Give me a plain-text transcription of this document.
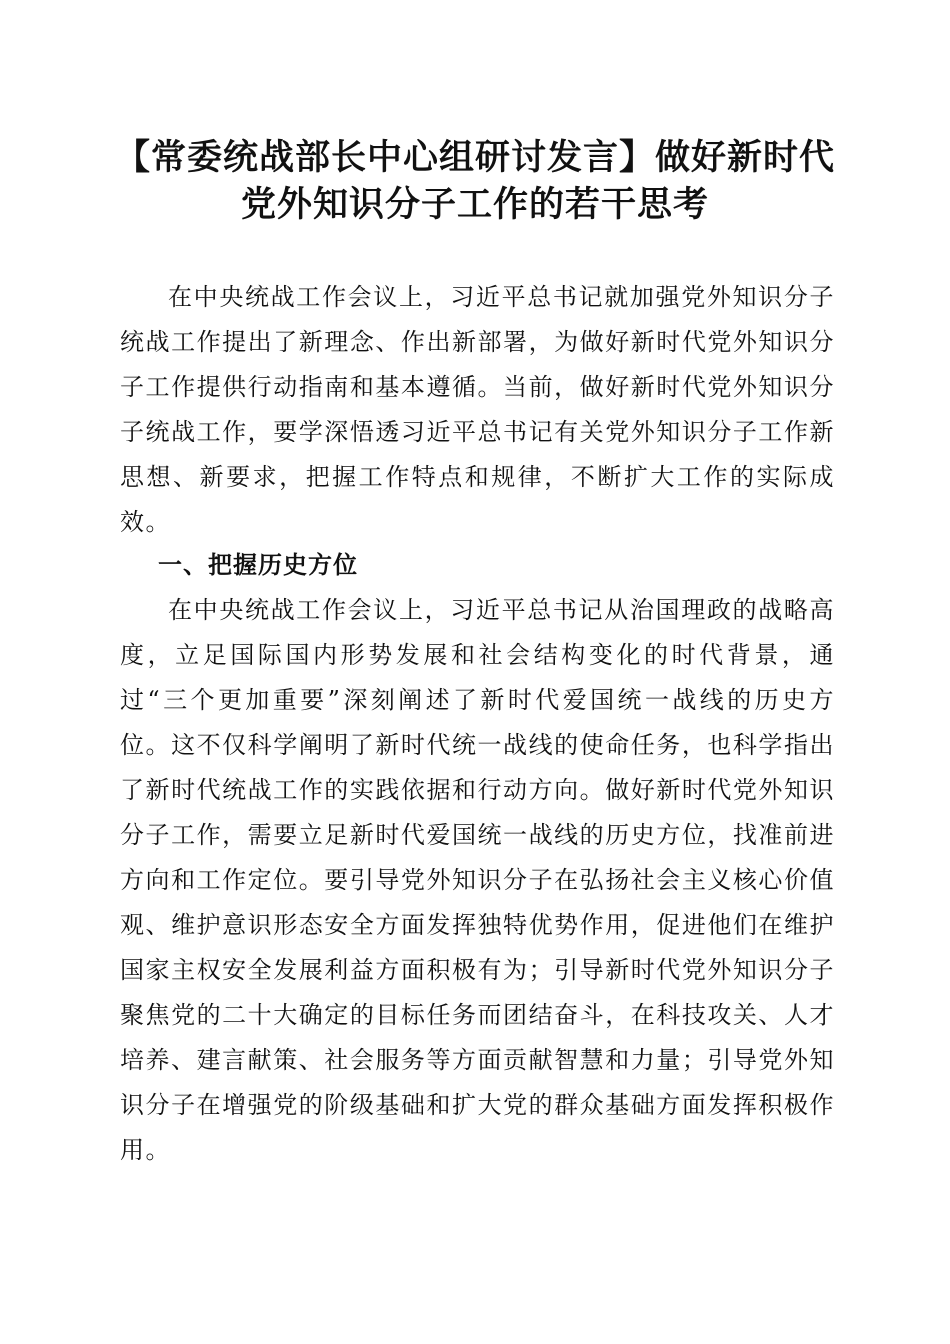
【常委统战部长中心组研讨发言】做好新时代
党外知识分子工作的若干思考

在中央统战工作会议上，习近平总书记就加强党外知识分子统战工作提出了新理念、作出新部署，为做好新时代党外知识分子工作提供行动指南和基本遵循。当前，做好新时代党外知识分子统战工作，要学深悟透习近平总书记有关党外知识分子工作新思想、新要求，把握工作特点和规律，不断扩大工作的实际成效。

一、把握历史方位

在中央统战工作会议上，习近平总书记从治国理政的战略高度，立足国际国内形势发展和社会结构变化的时代背景，通过“三个更加重要”深刻阐述了新时代爱国统一战线的历史方位。这不仅科学阐明了新时代统一战线的使命任务，也科学指出了新时代统战工作的实践依据和行动方向。做好新时代党外知识分子工作，需要立足新时代爱国统一战线的历史方位，找准前进方向和工作定位。要引导党外知识分子在弘扬社会主义核心价值观、维护意识形态安全方面发挥独特优势作用，促进他们在维护国家主权安全发展利益方面积极有为；引导新时代党外知识分子聚焦党的二十大确定的目标任务而团结奋斗，在科技攻关、人才培养、建言献策、社会服务等方面贡献智慧和力量；引导党外知识分子在增强党的阶级基础和扩大党的群众基础方面发挥积极作用。
